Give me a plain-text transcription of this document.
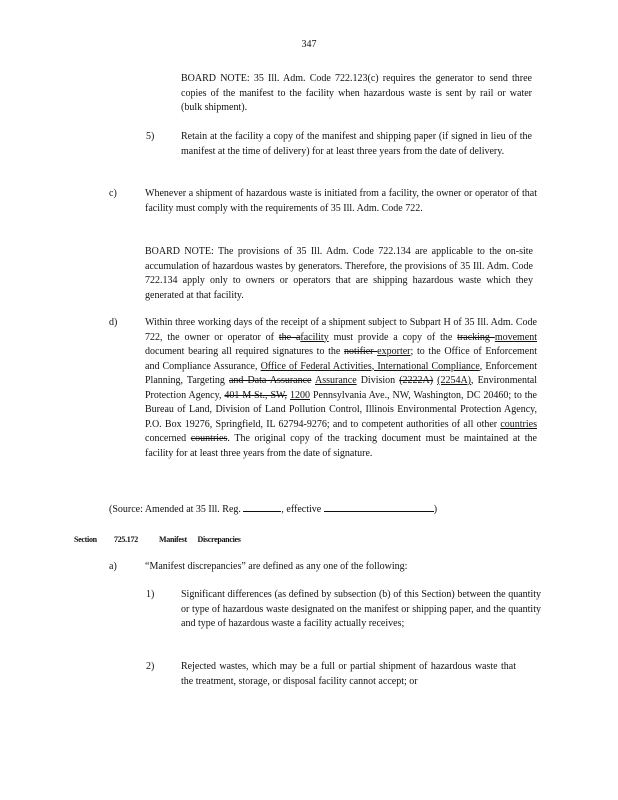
347

BOARD NOTE: 35 Ill. Adm. Code 722.123(c) requires the generator to send three copies of the manifest to the facility when hazardous waste is sent by rail or water (bulk shipment).

5)	Retain at the facility a copy of the manifest and shipping paper (if signed in lieu of the manifest at the time of delivery) for at least three years from the date of delivery.

c)	Whenever a shipment of hazardous waste is initiated from a facility, the owner or operator of that facility must comply with the requirements of 35 Ill. Adm. Code 722.

BOARD NOTE: The provisions of 35 Ill. Adm. Code 722.134 are applicable to the on-site accumulation of hazardous wastes by generators. Therefore, the provisions of 35 Ill. Adm. Code 722.134 apply only to owners or operators that are shipping hazardous waste which they generated at that facility.

d)	Within three working days of the receipt of a shipment subject to Subpart H of 35 Ill. Adm. Code 722, the owner or operator of the afacility must provide a copy of the tracking movement document bearing all required signatures to the notifier exporter; to the Office of Enforcement and Compliance Assurance, Office of Federal Activities, International Compliance, Enforcement Planning, Targeting and Data Assurance Assurance Division (2222A) (2254A), Environmental Protection Agency, 401 M St., SW, 1200 Pennsylvania Ave., NW, Washington, DC 20460; to the Bureau of Land, Division of Land Pollution Control, Illinois Environmental Protection Agency, P.O. Box 19276, Springfield, IL 62794-9276; and to competent authorities of all other countries concerned countries. The original copy of the tracking document must be maintained at the facility for at least three years from the date of signature.

(Source: Amended at 35 Ill. Reg.	, effective	)
Section 725.172	Manifest Discrepancies
a)	“Manifest discrepancies” are defined as any one of the following:

1)	Significant differences (as defined by subsection (b) of this Section) between the quantity or type of hazardous waste designated on the manifest or shipping paper, and the quantity and type of hazardous waste a facility actually receives;

2)	Rejected wastes, which may be a full or partial shipment of hazardous waste that the treatment, storage, or disposal facility cannot accept; or
